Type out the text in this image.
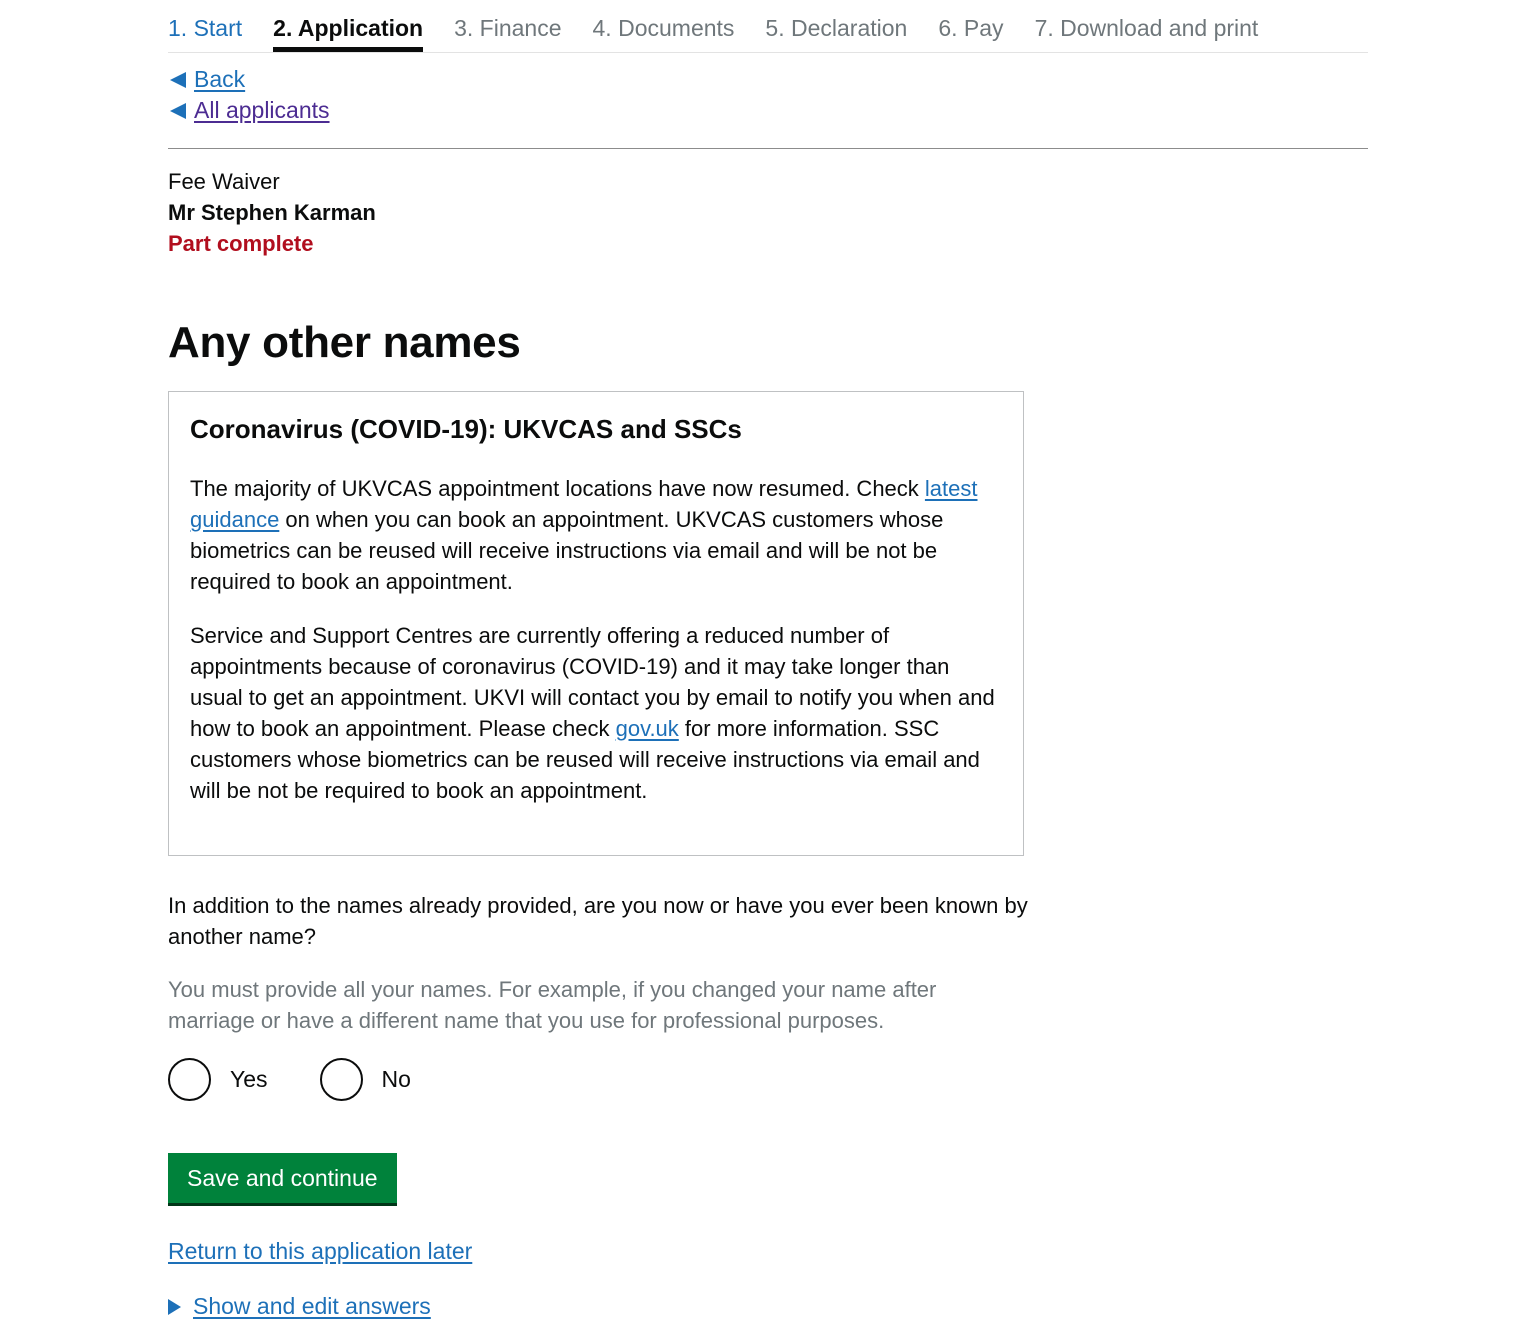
1. Start 2. Application 3. Finance 4. Documents 5. Declaration 6. Pay 7. Download and print
Back
All applicants
Fee Waiver
Mr Stephen Karman
Part complete
Any other names
Coronavirus (COVID-19): UKVCAS and SSCs

The majority of UKVCAS appointment locations have now resumed. Check latest guidance on when you can book an appointment. UKVCAS customers whose biometrics can be reused will receive instructions via email and will be not be required to book an appointment.

Service and Support Centres are currently offering a reduced number of appointments because of coronavirus (COVID-19) and it may take longer than usual to get an appointment. UKVI will contact you by email to notify you when and how to book an appointment. Please check gov.uk for more information. SSC customers whose biometrics can be reused will receive instructions via email and will be not be required to book an appointment.

In addition to the names already provided, are you now or have you ever been known by another name?
You must provide all your names. For example, if you changed your name after marriage or have a different name that you use for professional purposes.
Yes	No
Save and continue
Return to this application later
Show and edit answers
